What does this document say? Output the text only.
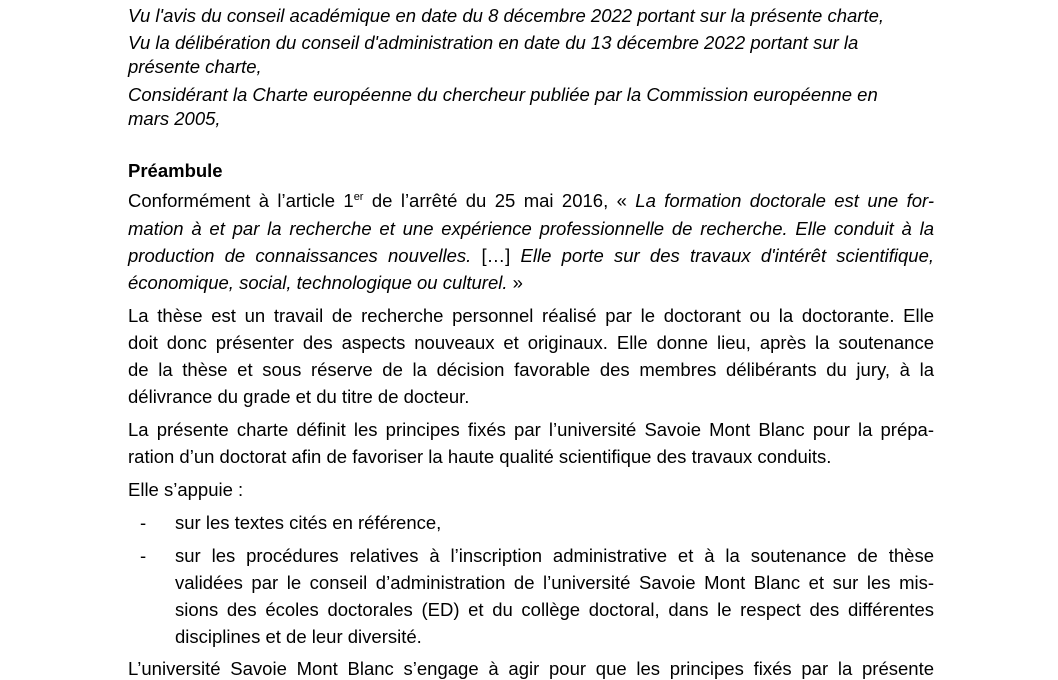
Vu l'avis du conseil académique en date du 8 décembre 2022 portant sur la présente charte,
Vu la délibération du conseil d'administration en date du 13 décembre 2022 portant sur la
présente charte,
Considérant la Charte européenne du chercheur publiée par la Commission européenne en
mars 2005,
Préambule
Conformément à l’article 1er de l’arrêté du 25 mai 2016, « La formation doctorale est une for-
mation à et par la recherche et une expérience professionnelle de recherche. Elle conduit à la
production de connaissances nouvelles. […] Elle porte sur des travaux d'intérêt scientifique,
économique, social, technologique ou culturel. »
La thèse est un travail de recherche personnel réalisé par le doctorant ou la doctorante. Elle
doit donc présenter des aspects nouveaux et originaux. Elle donne lieu, après la soutenance
de la thèse et sous réserve de la décision favorable des membres délibérants du jury, à la
délivrance du grade et du titre de docteur.
La présente charte définit les principes fixés par l’université Savoie Mont Blanc pour la prépa-
ration d’un doctorat afin de favoriser la haute qualité scientifique des travaux conduits.
Elle s’appuie :
- sur les textes cités en référence,
- sur les procédures relatives à l’inscription administrative et à la soutenance de thèse
validées par le conseil d’administration de l’université Savoie Mont Blanc et sur les mis-
sions des écoles doctorales (ED) et du collège doctoral, dans le respect des différentes
disciplines et de leur diversité.
L’université Savoie Mont Blanc s’engage à agir pour que les principes fixés par la présente
